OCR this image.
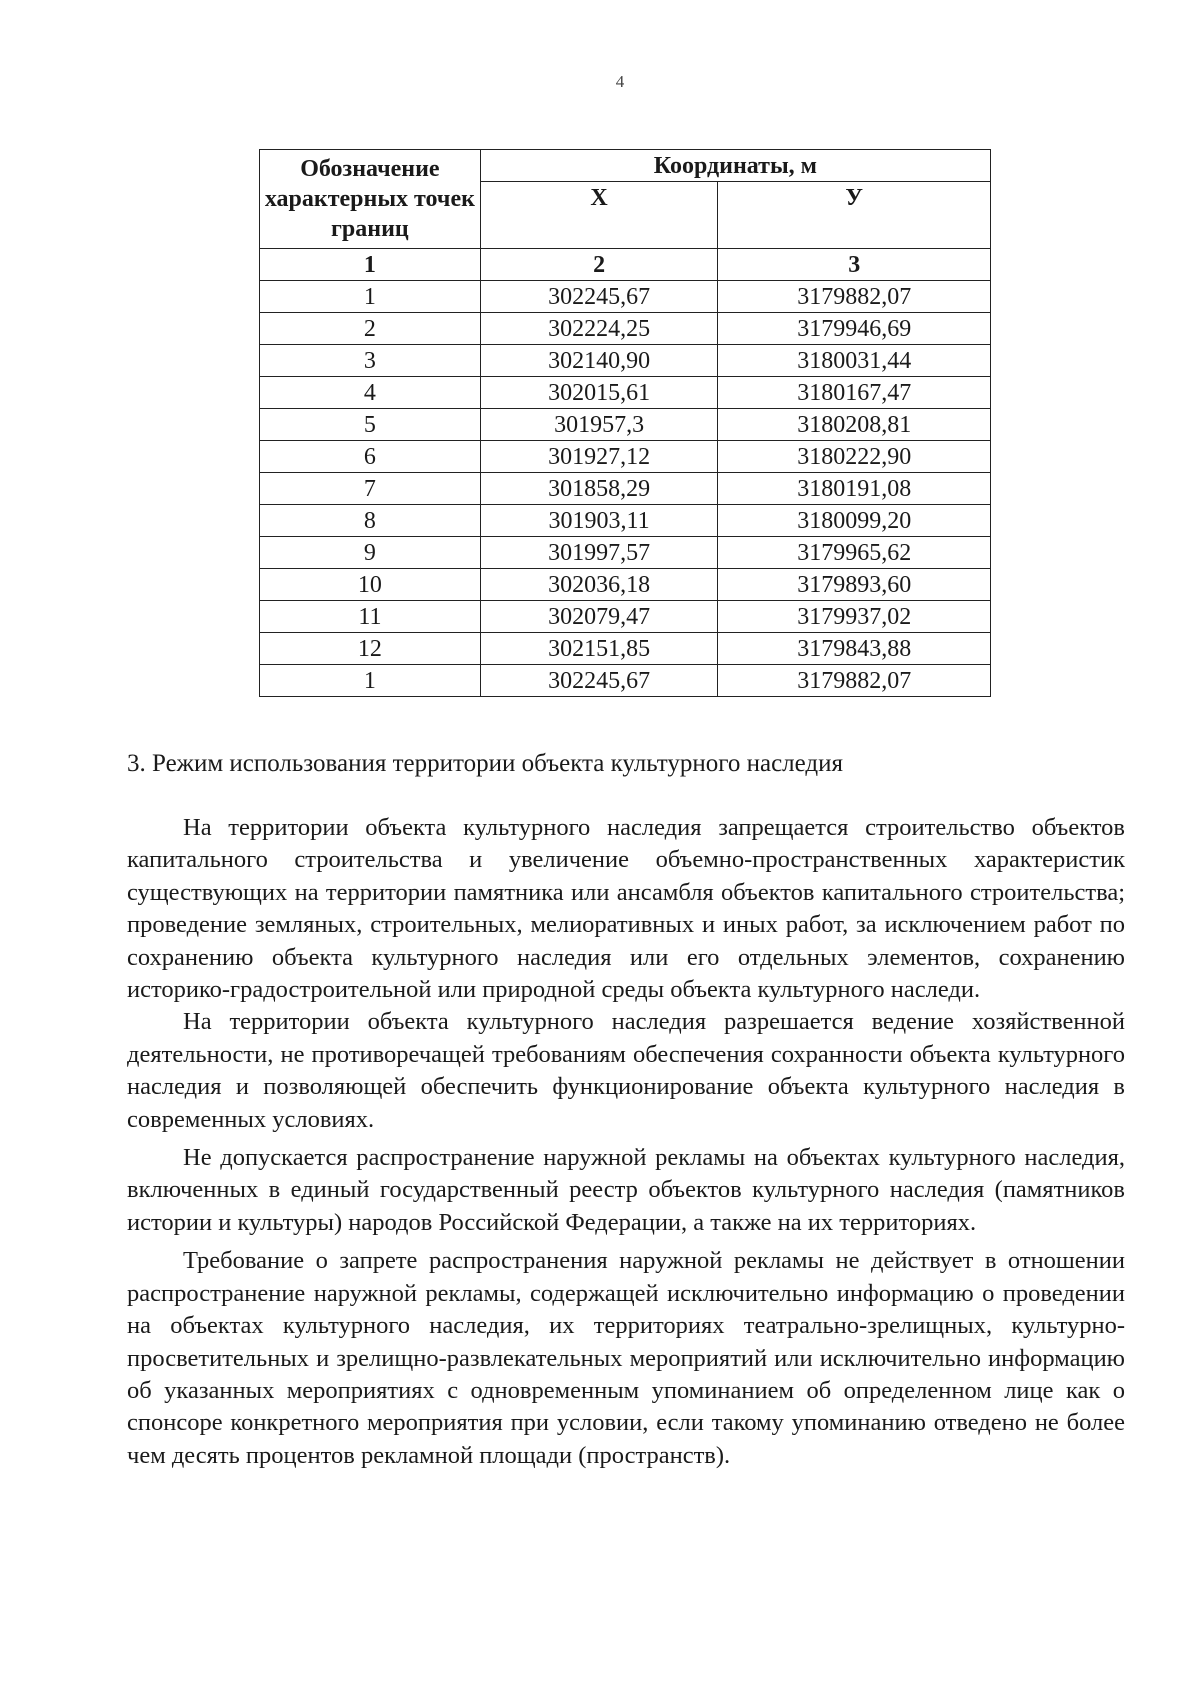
4
Обозначение характерных точек границ	Координаты, м	
	X	У
1	2	3
1	302245,67	3179882,07
2	302224,25	3179946,69
3	302140,90	3180031,44
4	302015,61	3180167,47
5	301957,3	3180208,81
6	301927,12	3180222,90
7	301858,29	3180191,08
8	301903,11	3180099,20
9	301997,57	3179965,62
10	302036,18	3179893,60
11	302079,47	3179937,02
12	302151,85	3179843,88
1	302245,67	3179882,07
3. Режим использования территории объекта культурного наследия

На территории объекта культурного наследия запрещается строительство объектов капитального строительства и увеличение объемно-пространственных характеристик существующих на территории памятника или ансамбля объектов капитального строительства; проведение земляных, строительных, мелиоративных и иных работ, за исключением работ по сохранению объекта культурного наследия или его отдельных элементов, сохранению историко-градостроительной или природной среды объекта культурного наследи.

На территории объекта культурного наследия разрешается ведение хозяйственной деятельности, не противоречащей требованиям обеспечения сохранности объекта культурного наследия и позволяющей обеспечить функционирование объекта культурного наследия в современных условиях.

Не допускается распространение наружной рекламы на объектах культурного наследия, включенных в единый государственный реестр объектов культурного наследия (памятников истории и культуры) народов Российской Федерации, а также на их территориях.

Требование о запрете распространения наружной рекламы не действует в отношении распространение наружной рекламы, содержащей исключительно информацию о проведении на объектах культурного наследия, их территориях театрально-зрелищных, культурно-просветительных и зрелищно-развлекательных мероприятий или исключительно информацию об указанных мероприятиях с одновременным упоминанием об определенном лице как о спонсоре конкретного мероприятия при условии, если такому упоминанию отведено не более чем десять процентов рекламной площади (пространств).
